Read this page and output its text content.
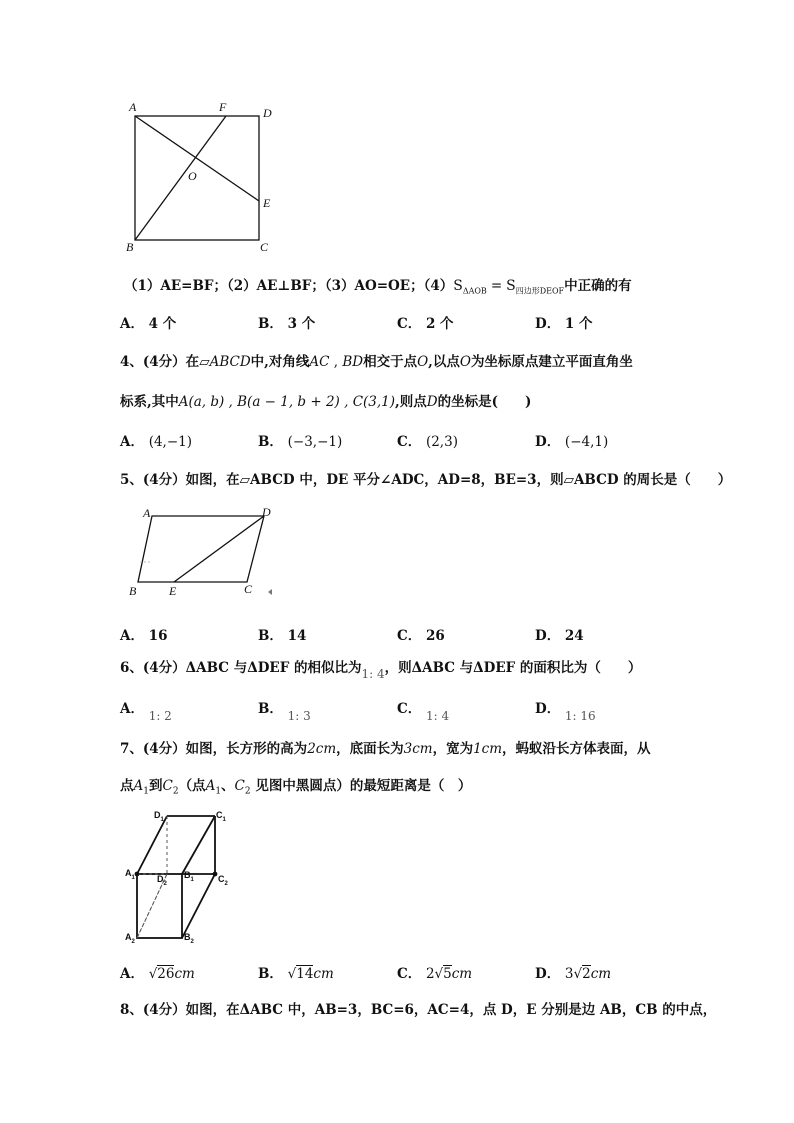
A	F	D
O
E
B	C
（1）AE=BF；（2）AE⊥BF；（3）AO=OE；$(4)S_{\Delta AOB} = S_{四边形DEOF}$中正确的有
A． 4 个	B． 3 个	C． 2 个	D． 1 个
4、(4分）在▱ABCD中,对角线AC , BD相交于点O,以点O为坐标原点建立平面直角坐
标系,其中A(a, b) , B(a − 1, b + 2) , C(3,1),则点D的坐标是(　　)
A． (4,−1)	B． (−3,−1)	C． (2,3)	D． (−4,1)
5、(4分）如图，在▱ABCD 中，DE 平分∠ADC，AD=8，BE=3，则▱ABCD 的周长是（　　）
A	D
B	E	C
A． 16	B． 14	C． 26	D． 24
6、(4分）ΔABC 与ΔDEF 的相似比为1: 4，则ΔABC 与ΔDEF 的面积比为（　　）
A． 1: 2	B． 1: 3	C． 1: 4	D． 1: 16
7、(4分）如图，长方形的高为2cm，底面长为3cm，宽为1cm，蚂蚁沿长方体表面，从
点$A_1$到$C_2$（点$A_1$、$C_2$ 见图中黑圆点）的最短距离是（　）
$D_1$	$C_1$
$A_1$ $D_2$
$B_1$	$C_2$
$A_2$	$B_2$
A． √26cm	B． √14cm	C． 2√5cm	D． 3√2cm
8、(4分）如图，在ΔABC 中，AB=3，BC=6，AC=4，点 D，E 分别是边 AB，CB 的中点，
